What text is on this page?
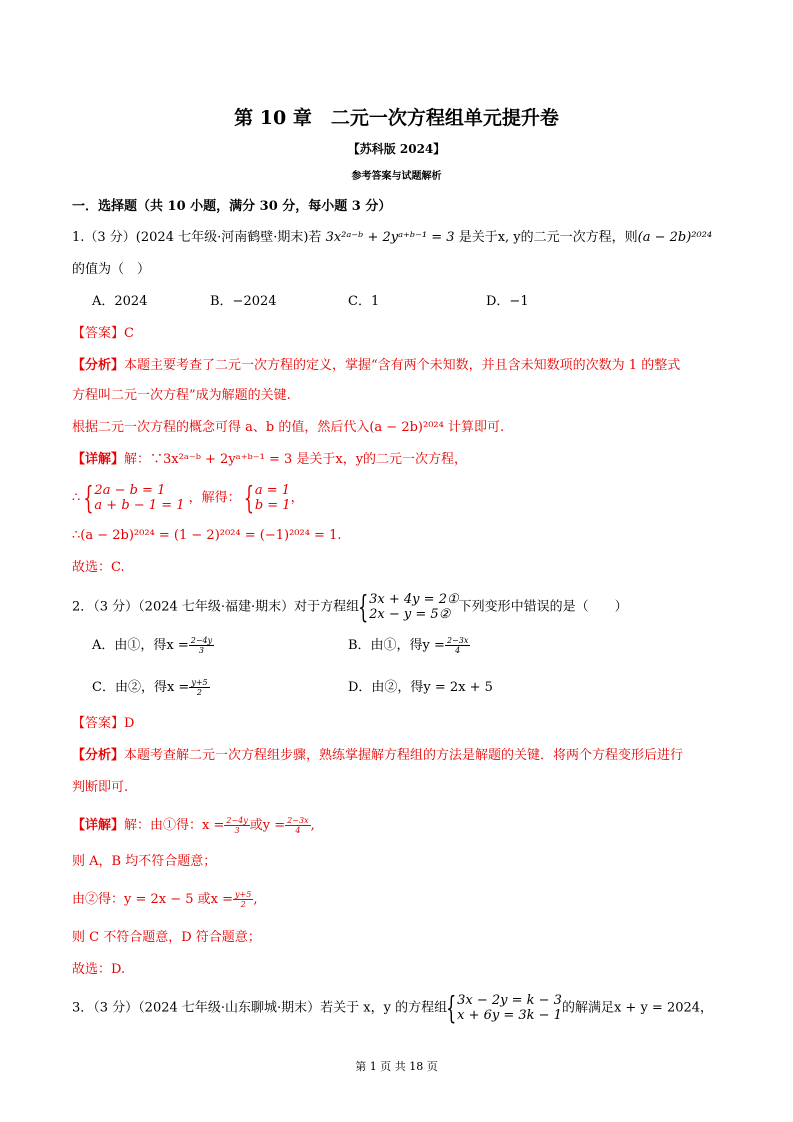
第 10 章　二元一次方程组单元提升卷
【苏科版 2024】
参考答案与试题解析
一．选择题（共 10 小题，满分 30 分，每小题 3 分）
1.（3 分）(2024 七年级·河南鹤壁·期末)若 3x²ᵃ⁻ᵇ + 2yᵃ⁺ᵇ⁻¹ = 3 是关于x, y的二元一次方程，则(a − 2b)²⁰²⁴
的值为（　）
A．2024	B．−2024	C．1	D．−1
【答案】C
【分析】本题主要考查了二元一次方程的定义，掌握“含有两个未知数，并且含未知数项的次数为 1 的整式
方程叫二元一次方程”成为解题的关键.
根据二元一次方程的概念可得 a、b 的值，然后代入(a − 2b)²⁰²⁴ 计算即可.
【详解】解：∵3x²ᵃ⁻ᵇ + 2yᵃ⁺ᵇ⁻¹ = 3 是关于x，y的二元一次方程，
∴ { 2a − b = 1
a + b − 1 = 1 ，解得： { a = 1
b = 1 ，
∴(a − 2b)²⁰²⁴ = (1 − 2)²⁰²⁴ = (−1)²⁰²⁴ = 1.
故选：C.
2．（3 分）（2024 七年级·福建·期末）对于方程组 { 3x + 4y = 2①
2x − y = 5② 下列变形中错误的是（　　）
A．由①，得$x = \frac{2-4y}{3}$	B．由①，得$y = \frac{2-3x}{4}$
C．由②，得$x = \frac{y+5}{2}$	D．由②，得y = 2x + 5
【答案】D
【分析】本题考查解二元一次方程组步骤，熟练掌握解方程组的方法是解题的关键．将两个方程变形后进行
判断即可.
【详解】解：由①得：$x = \frac{2-4y}{3}$ 或$y = \frac{2-3x}{4}$ ,
则 A，B 均不符合题意；
由②得：y = 2x − 5 或$x = \frac{y+5}{2}$ ,
则 C 不符合题意，D 符合题意；
故选：D.
3．（3 分）（2024 七年级·山东聊城·期末）若关于 x，y 的方程组 { 3x − 2y = k − 3
x + 6y = 3k − 1 的解满足x + y = 2024，
第 1 页 共 18 页
